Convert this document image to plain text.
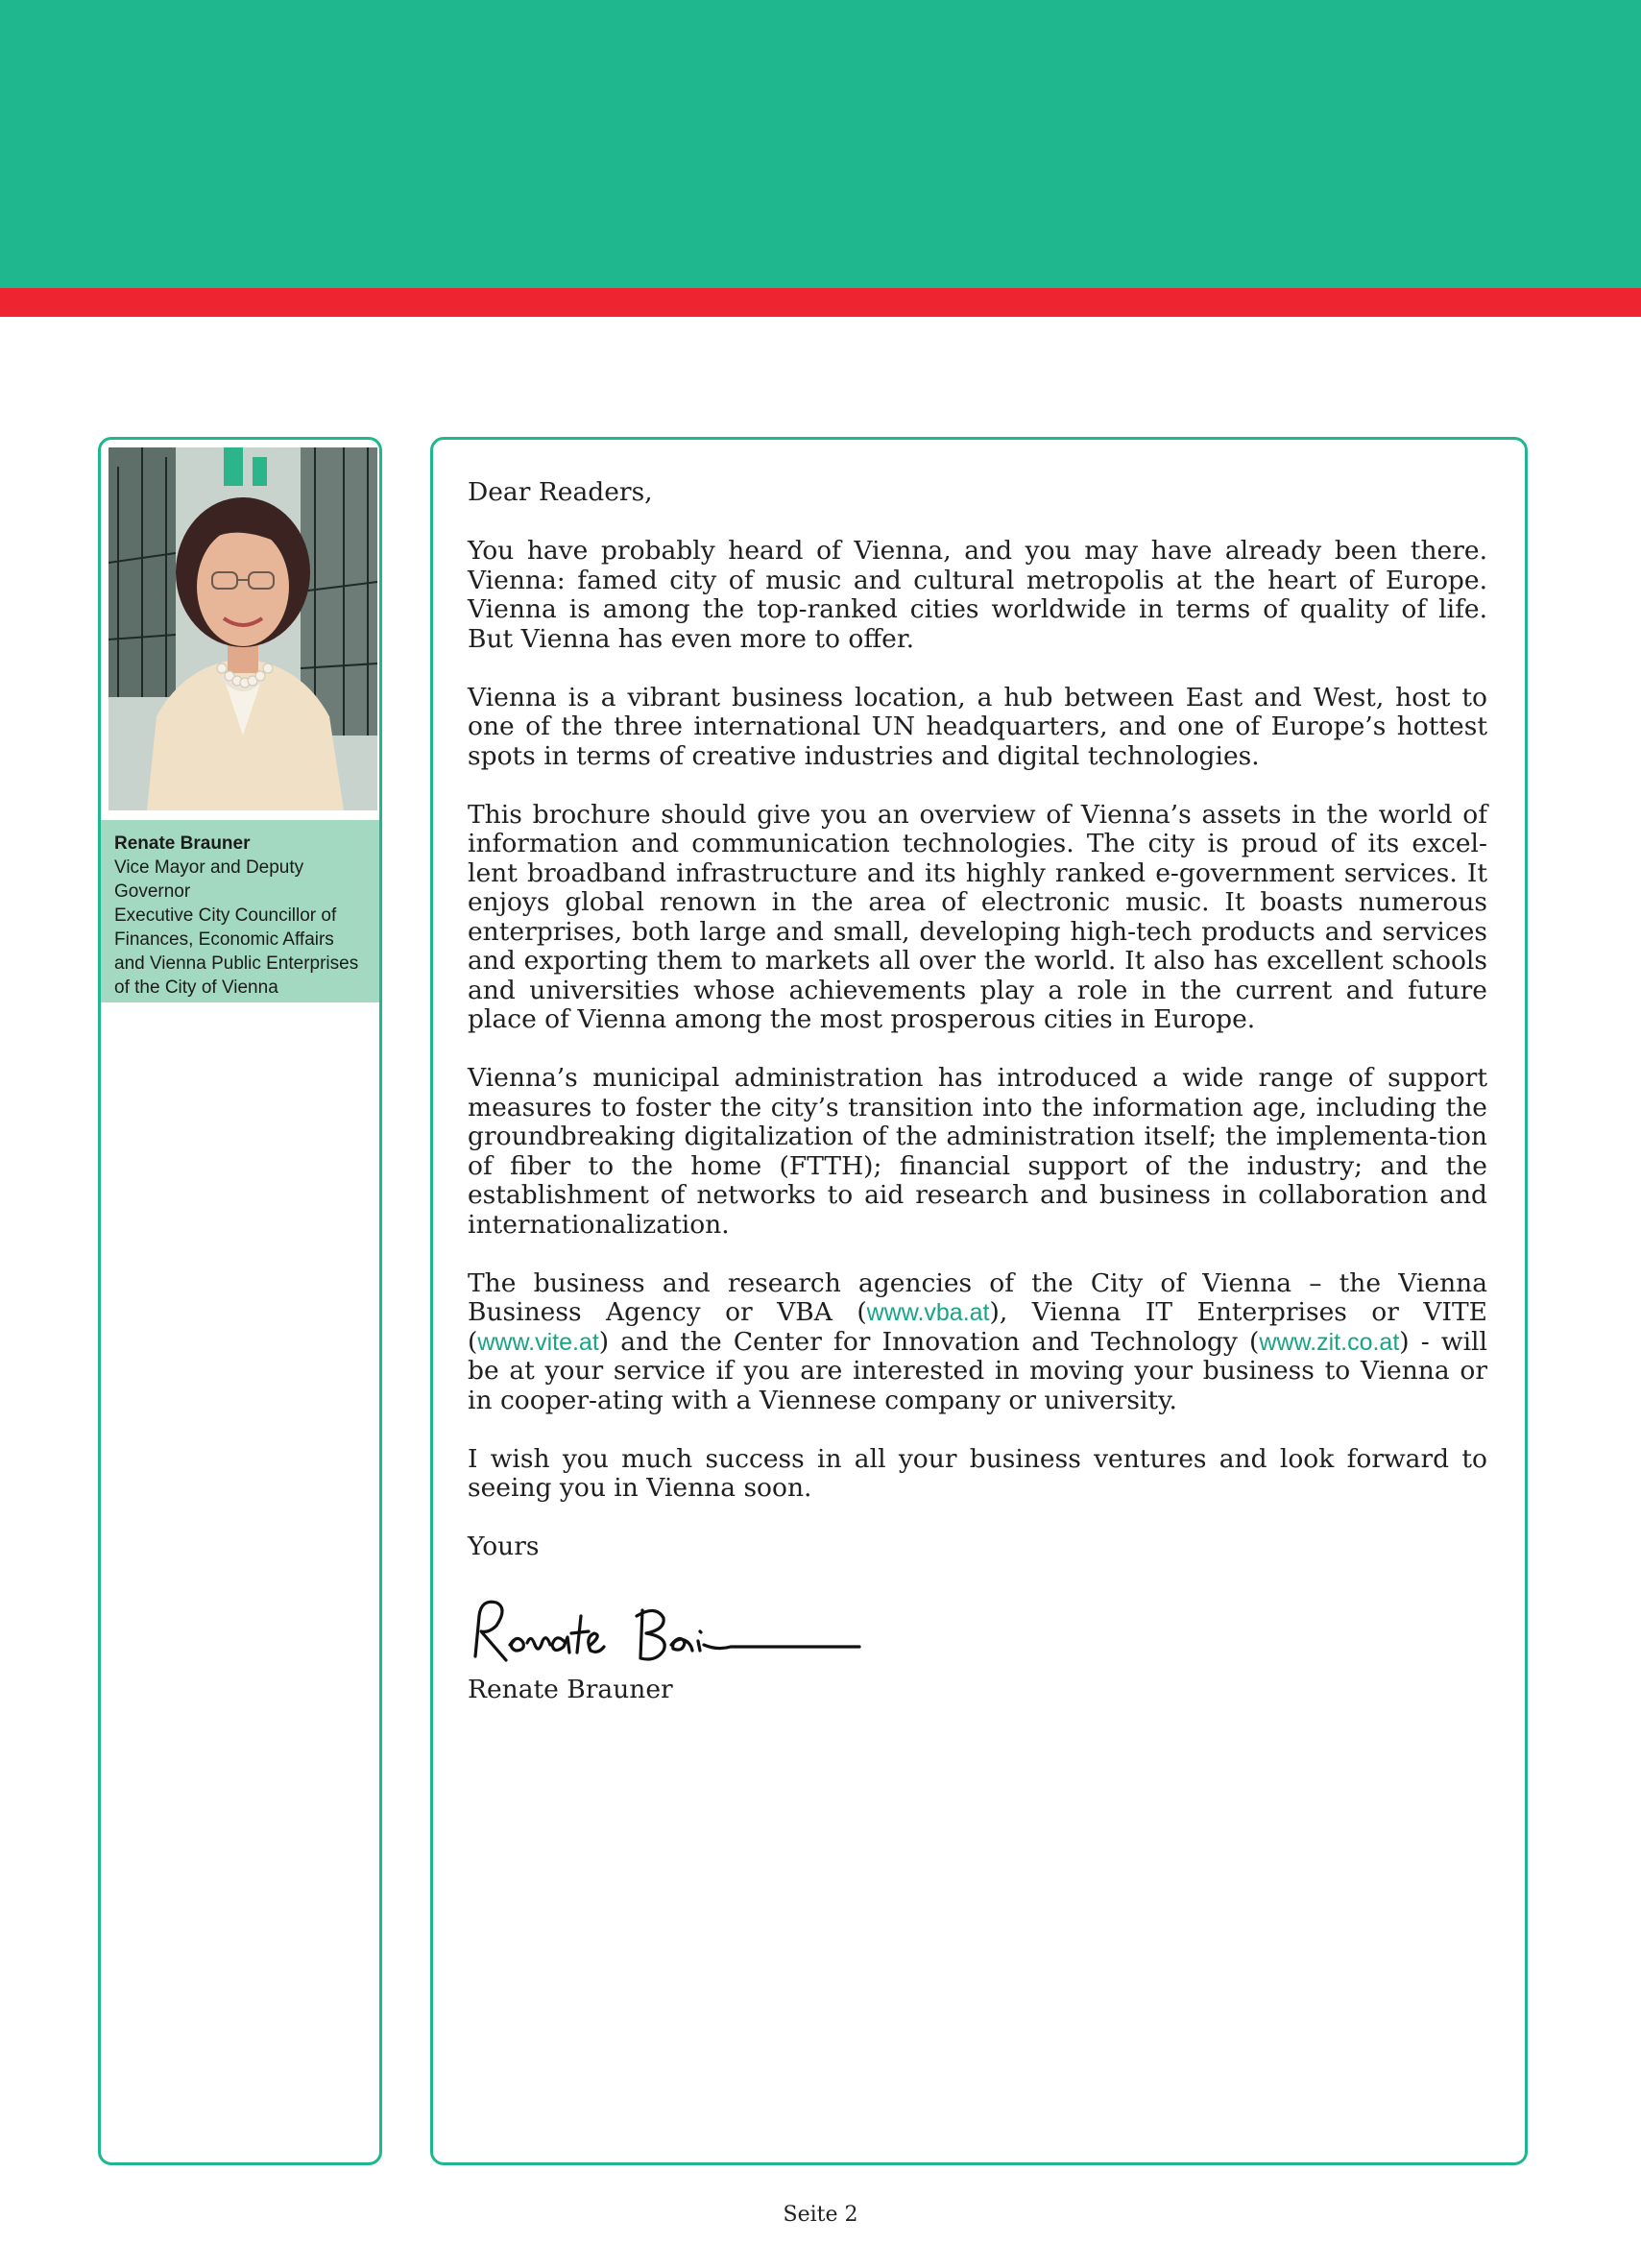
Renate Brauner
Vice Mayor and Deputy
Governor
Executive City Councillor of
Finances, Economic Affairs
and Vienna Public Enterprises
of the City of Vienna

Dear Readers,

You have probably heard of Vienna, and you may have already been there. Vienna: famed city of music and cultural metropolis at the heart of Europe. Vienna is among the top-ranked cities worldwide in terms of quality of life. But Vienna has even more to offer.

Vienna is a vibrant business location, a hub between East and West, host to one of the three international UN headquarters, and one of Europe’s hottest spots in terms of creative industries and digital technologies.

This brochure should give you an overview of Vienna’s assets in the world of information and communication technologies. The city is proud of its excel-lent broadband infrastructure and its highly ranked e-government services. It enjoys global renown in the area of electronic music. It boasts numerous enterprises, both large and small, developing high-tech products and services and exporting them to markets all over the world. It also has excellent schools and universities whose achievements play a role in the current and future place of Vienna among the most prosperous cities in Europe.

Vienna’s municipal administration has introduced a wide range of support measures to foster the city’s transition into the information age, including the groundbreaking digitalization of the administration itself; the implementa-tion of fiber to the home (FTTH); financial support of the industry; and the establishment of networks to aid research and business in collaboration and internationalization.

The business and research agencies of the City of Vienna – the Vienna Business Agency or VBA (www.vba.at), Vienna IT Enterprises or VITE (www.vite.at) and the Center for Innovation and Technology (www.zit.co.at) - will be at your service if you are interested in moving your business to Vienna or in cooper-ating with a Viennese company or university.

I wish you much success in all your business ventures and look forward to seeing you in Vienna soon.

Yours

Renate Brauner

Seite 2
